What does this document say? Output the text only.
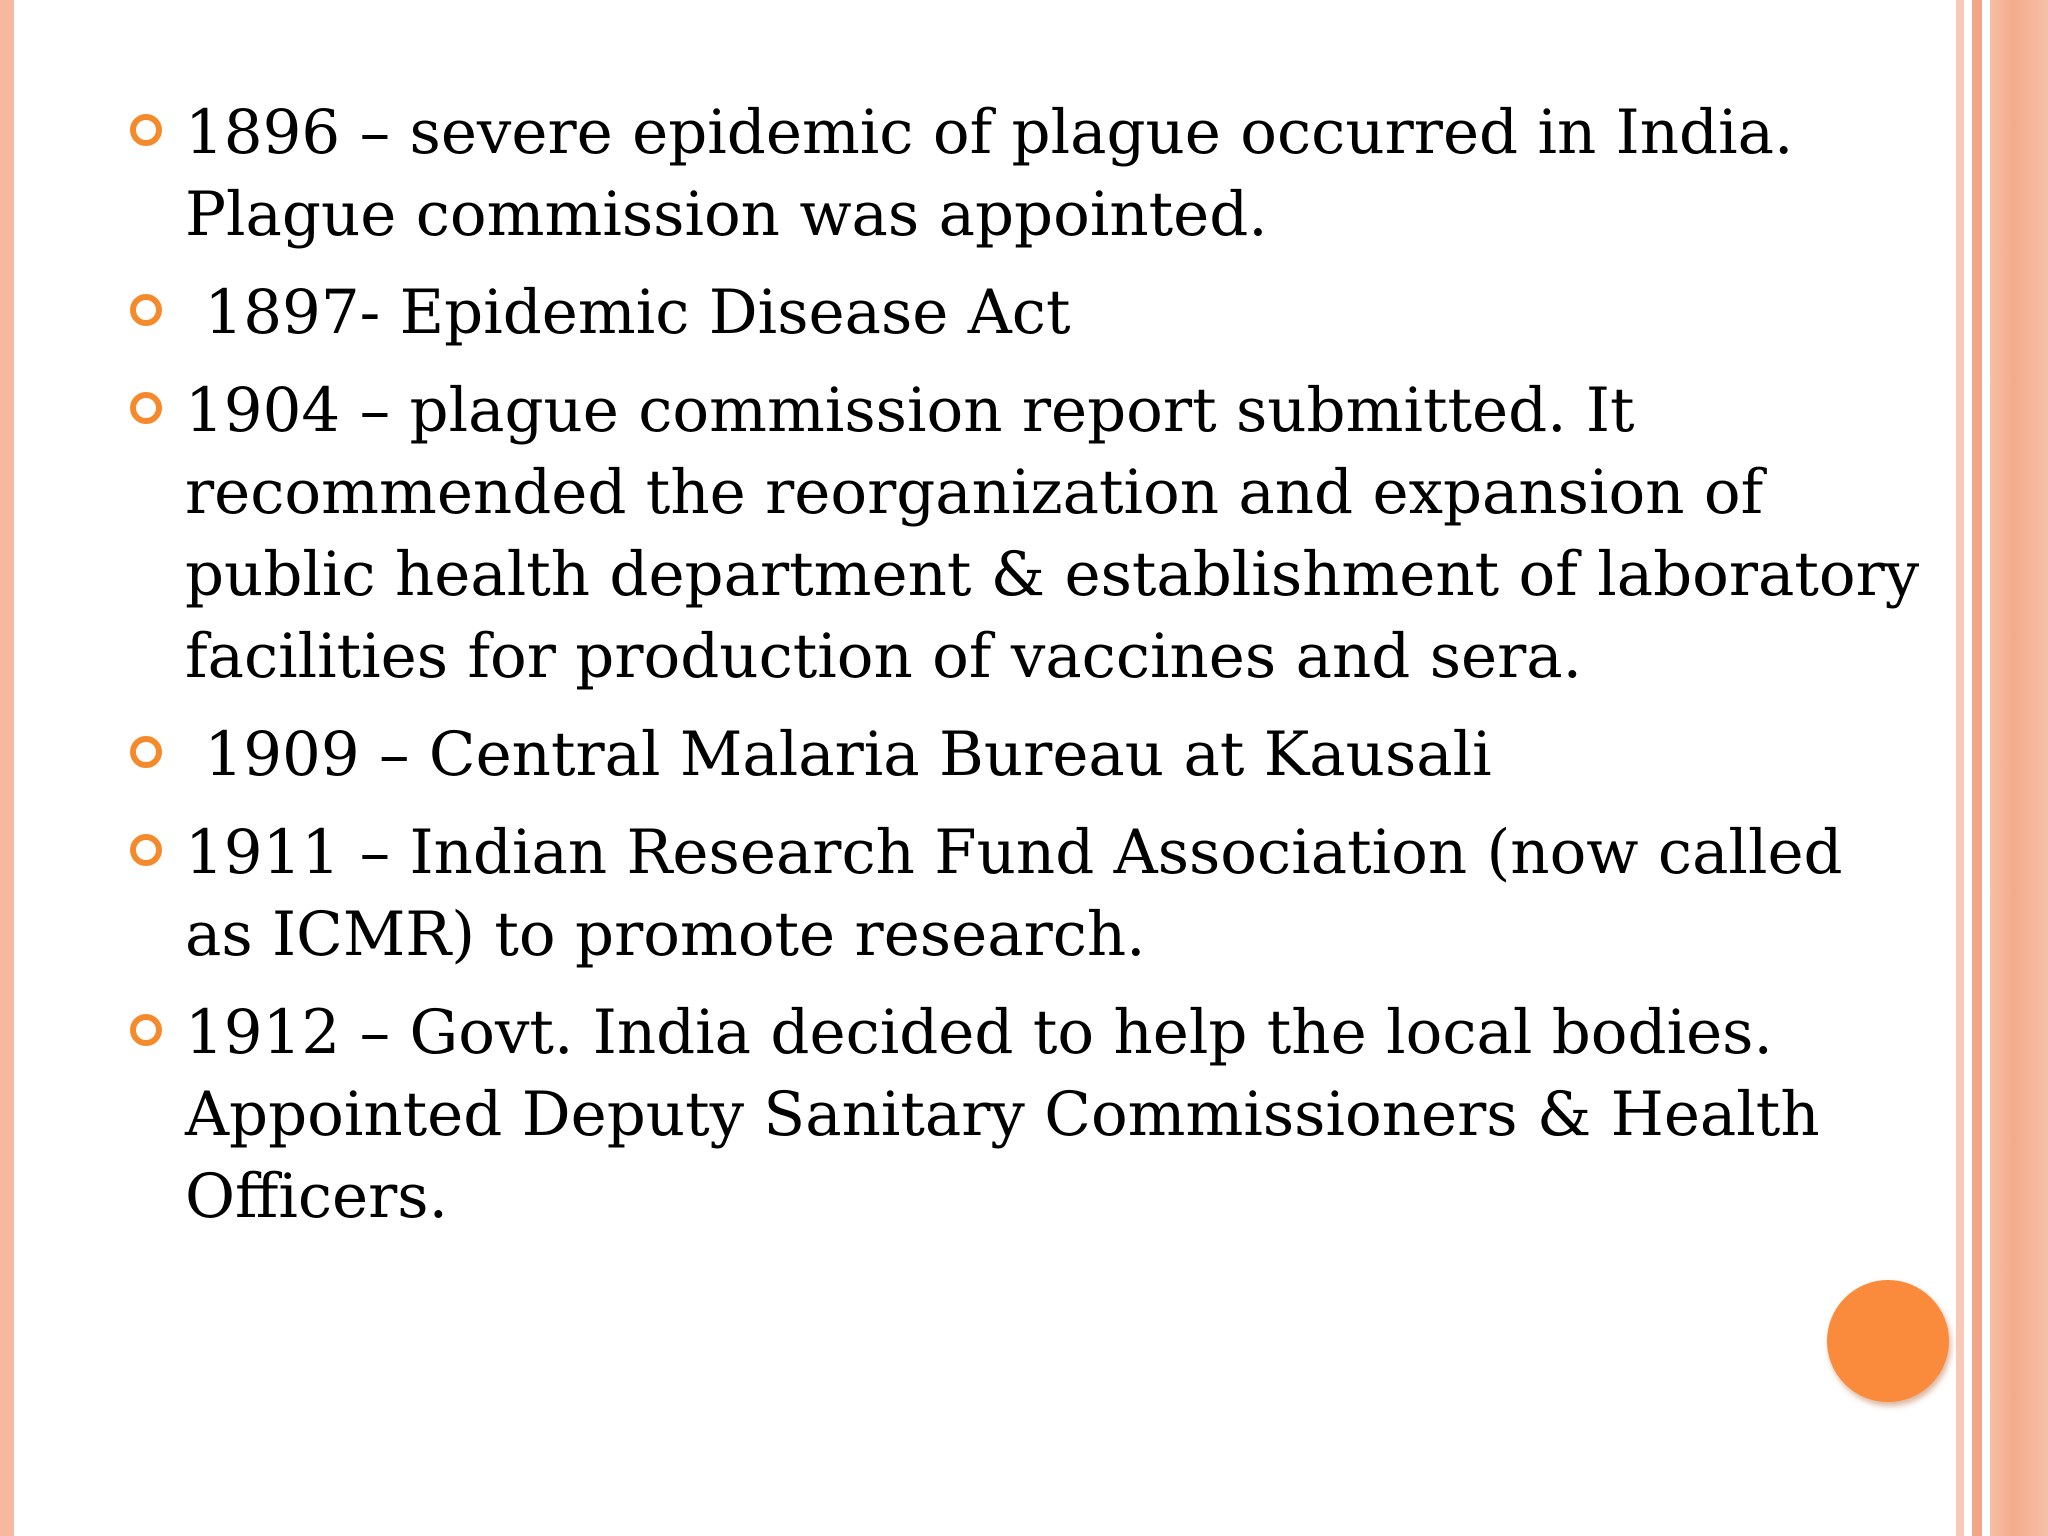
1896 – severe epidemic of plague occurred in India. Plague commission was appointed.
1897- Epidemic Disease Act
1904 – plague commission report submitted. It recommended the reorganization and expansion of public health department & establishment of laboratory facilities for production of vaccines and sera.
1909 – Central Malaria Bureau at Kausali
1911 – Indian Research Fund Association (now called as ICMR) to promote research.
1912 – Govt. India decided to help the local bodies. Appointed Deputy Sanitary Commissioners & Health Officers.
